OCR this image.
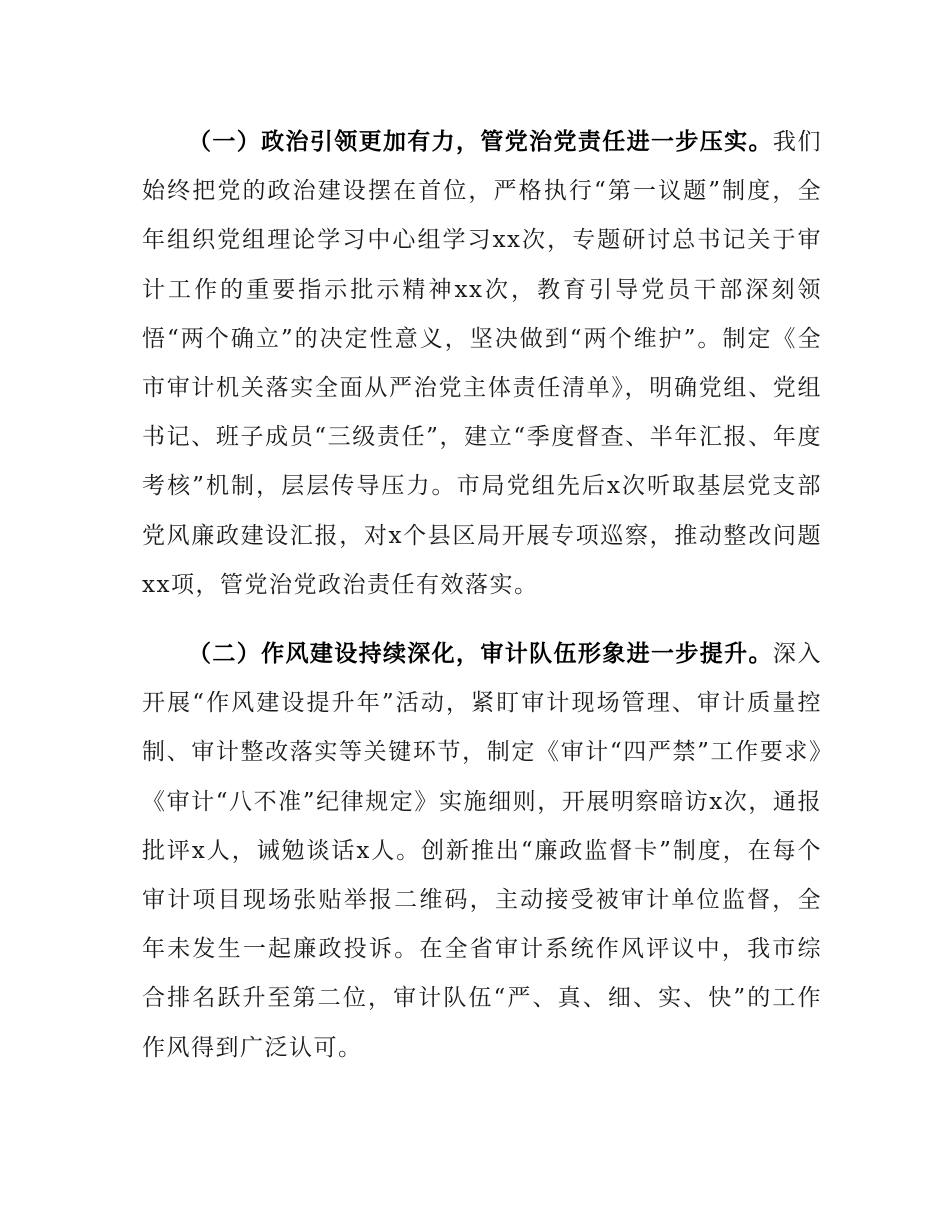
（一）政治引领更加有力，管党治党责任进一步压实。我们始终把党的政治建设摆在首位，严格执行“第一议题”制度，全年组织党组理论学习中心组学习xx次，专题研讨总书记关于审计工作的重要指示批示精神xx次，教育引导党员干部深刻领悟“两个确立”的决定性意义，坚决做到“两个维护”。制定《全市审计机关落实全面从严治党主体责任清单》，明确党组、党组书记、班子成员“三级责任”，建立“季度督查、半年汇报、年度考核”机制，层层传导压力。市局党组先后x次听取基层党支部党风廉政建设汇报，对x个县区局开展专项巡察，推动整改问题xx项，管党治党政治责任有效落实。

（二）作风建设持续深化，审计队伍形象进一步提升。深入开展“作风建设提升年”活动，紧盯审计现场管理、审计质量控制、审计整改落实等关键环节，制定《审计“四严禁”工作要求》《审计“八不准”纪律规定》实施细则，开展明察暗访x次，通报批评x人，诫勉谈话x人。创新推出“廉政监督卡”制度，在每个审计项目现场张贴举报二维码，主动接受被审计单位监督，全年未发生一起廉政投诉。在全省审计系统作风评议中，我市综合排名跃升至第二位，审计队伍“严、真、细、实、快”的工作作风得到广泛认可。
